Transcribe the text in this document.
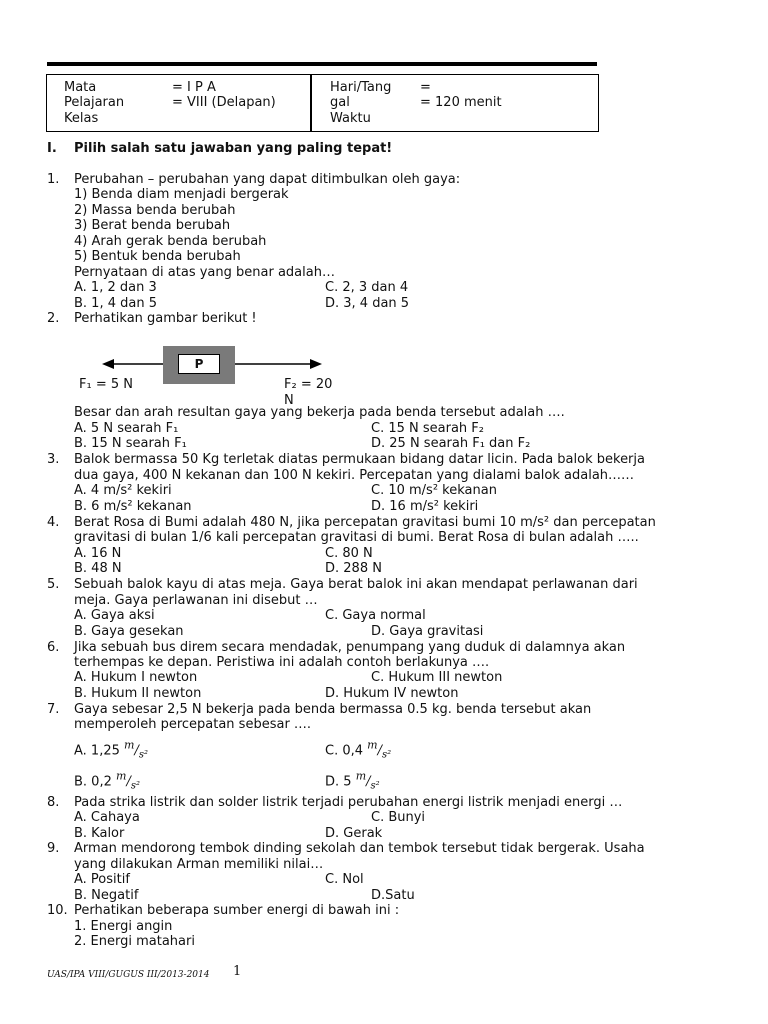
Mata	= I P A
Pelajaran	= VIII (Delapan)
Kelas
Hari/Tang =
gal	= 120 menit
Waktu
I. Pilih salah satu jawaban yang paling tepat!
1. Perubahan – perubahan yang dapat ditimbulkan oleh gaya:
1) Benda diam menjadi bergerak
2) Massa benda berubah
3) Berat benda berubah
4) Arah gerak benda berubah
5) Bentuk benda berubah
Pernyataan di atas yang benar adalah…
A. 1, 2 dan 3	C. 2, 3 dan 4
B. 1, 4 dan 5	D. 3, 4 dan 5
2. Perhatikan gambar berikut !
P
F₁ = 5 N	F₂ = 20
N
Besar dan arah resultan gaya yang bekerja pada benda tersebut adalah ….
A. 5 N searah F₁	C. 15 N searah F₂
B. 15 N searah F₁	D. 25 N searah F₁ dan F₂
3. Balok bermassa 50 Kg terletak diatas permukaan bidang datar licin. Pada balok bekerja
dua gaya, 400 N kekanan dan 100 N kekiri. Percepatan yang dialami balok adalah……
A. 4 m/s² kekiri	C. 10 m/s² kekanan
B. 6 m/s² kekanan	D. 16 m/s² kekiri
4. Berat Rosa di Bumi adalah 480 N, jika percepatan gravitasi bumi 10 m/s² dan percepatan
gravitasi di bulan 1/6 kali percepatan gravitasi di bumi. Berat Rosa di bulan adalah …..
A. 16 N	C. 80 N
B. 48 N	D. 288 N
5. Sebuah balok kayu di atas meja. Gaya berat balok ini akan mendapat perlawanan dari
meja. Gaya perlawanan ini disebut …
A. Gaya aksi	C. Gaya normal
B. Gaya gesekan	D. Gaya gravitasi
6. Jika sebuah bus direm secara mendadak, penumpang yang duduk di dalamnya akan
terhempas ke depan. Peristiwa ini adalah contoh berlakunya ….
A. Hukum I newton	C. Hukum III newton
B. Hukum II newton	D. Hukum IV newton
7. Gaya sebesar 2,5 N bekerja pada benda bermassa 0.5 kg. benda tersebut akan
memperoleh percepatan sebesar ….
A. 1,25 $^m/_{s^2}$	C. 0,4 $^m/_{s^2}$
B. 0,2 $^m/_{s^2}$	D. 5 $^m/_{s^2}$
8. Pada strika listrik dan solder listrik terjadi perubahan energi listrik menjadi energi …
A. Cahaya	C. Bunyi
B. Kalor	D. Gerak
9. Arman mendorong tembok dinding sekolah dan tembok tersebut tidak bergerak. Usaha
yang dilakukan Arman memiliki nilai…
A. Positif	C. Nol
B. Negatif	D.Satu
10. Perhatikan beberapa sumber energi di bawah ini :
1. Energi angin
2. Energi matahari
UAS/IPA VIII/GUGUS III/2013-2014 1
